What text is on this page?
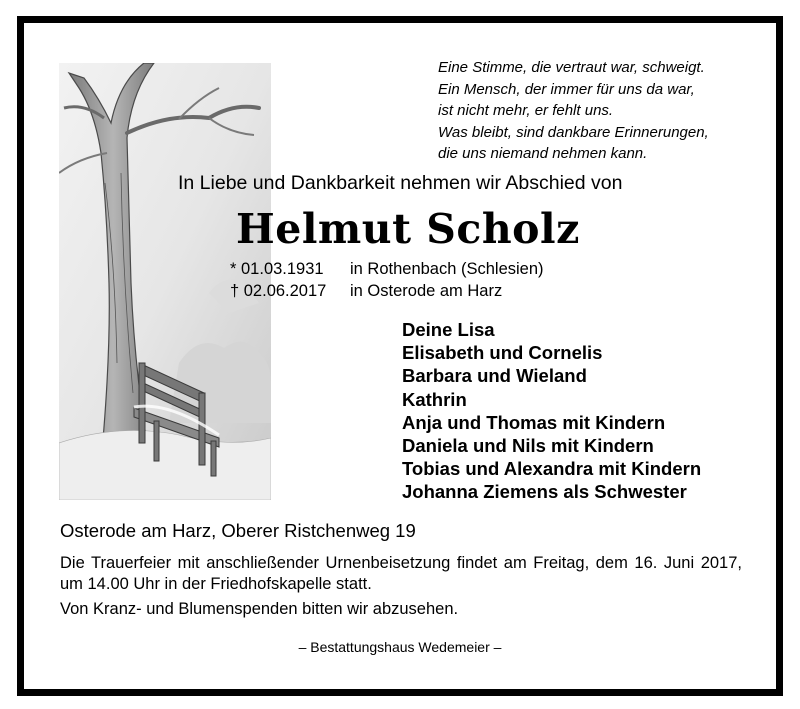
Eine Stimme, die vertraut war, schweigt.
Ein Mensch, der immer für uns da war,
ist nicht mehr, er fehlt uns.
Was bleibt, sind dankbare Erinnerungen,
die uns niemand nehmen kann.
In Liebe und Dankbarkeit nehmen wir Abschied von
Helmut Scholz
* 01.03.1931 in Rothenbach (Schlesien)
† 02.06.2017 in Osterode am Harz
Deine Lisa
Elisabeth und Cornelis
Barbara und Wieland
Kathrin
Anja und Thomas mit Kindern
Daniela und Nils mit Kindern
Tobias und Alexandra mit Kindern
Johanna Ziemens als Schwester
Osterode am Harz, Oberer Ristchenweg 19
Die Trauerfeier mit anschließender Urnenbeisetzung findet am Freitag, dem 16. Juni 2017, um 14.00 Uhr in der Friedhofskapelle statt.
Von Kranz- und Blumenspenden bitten wir abzusehen.
– Bestattungshaus Wedemeier –
